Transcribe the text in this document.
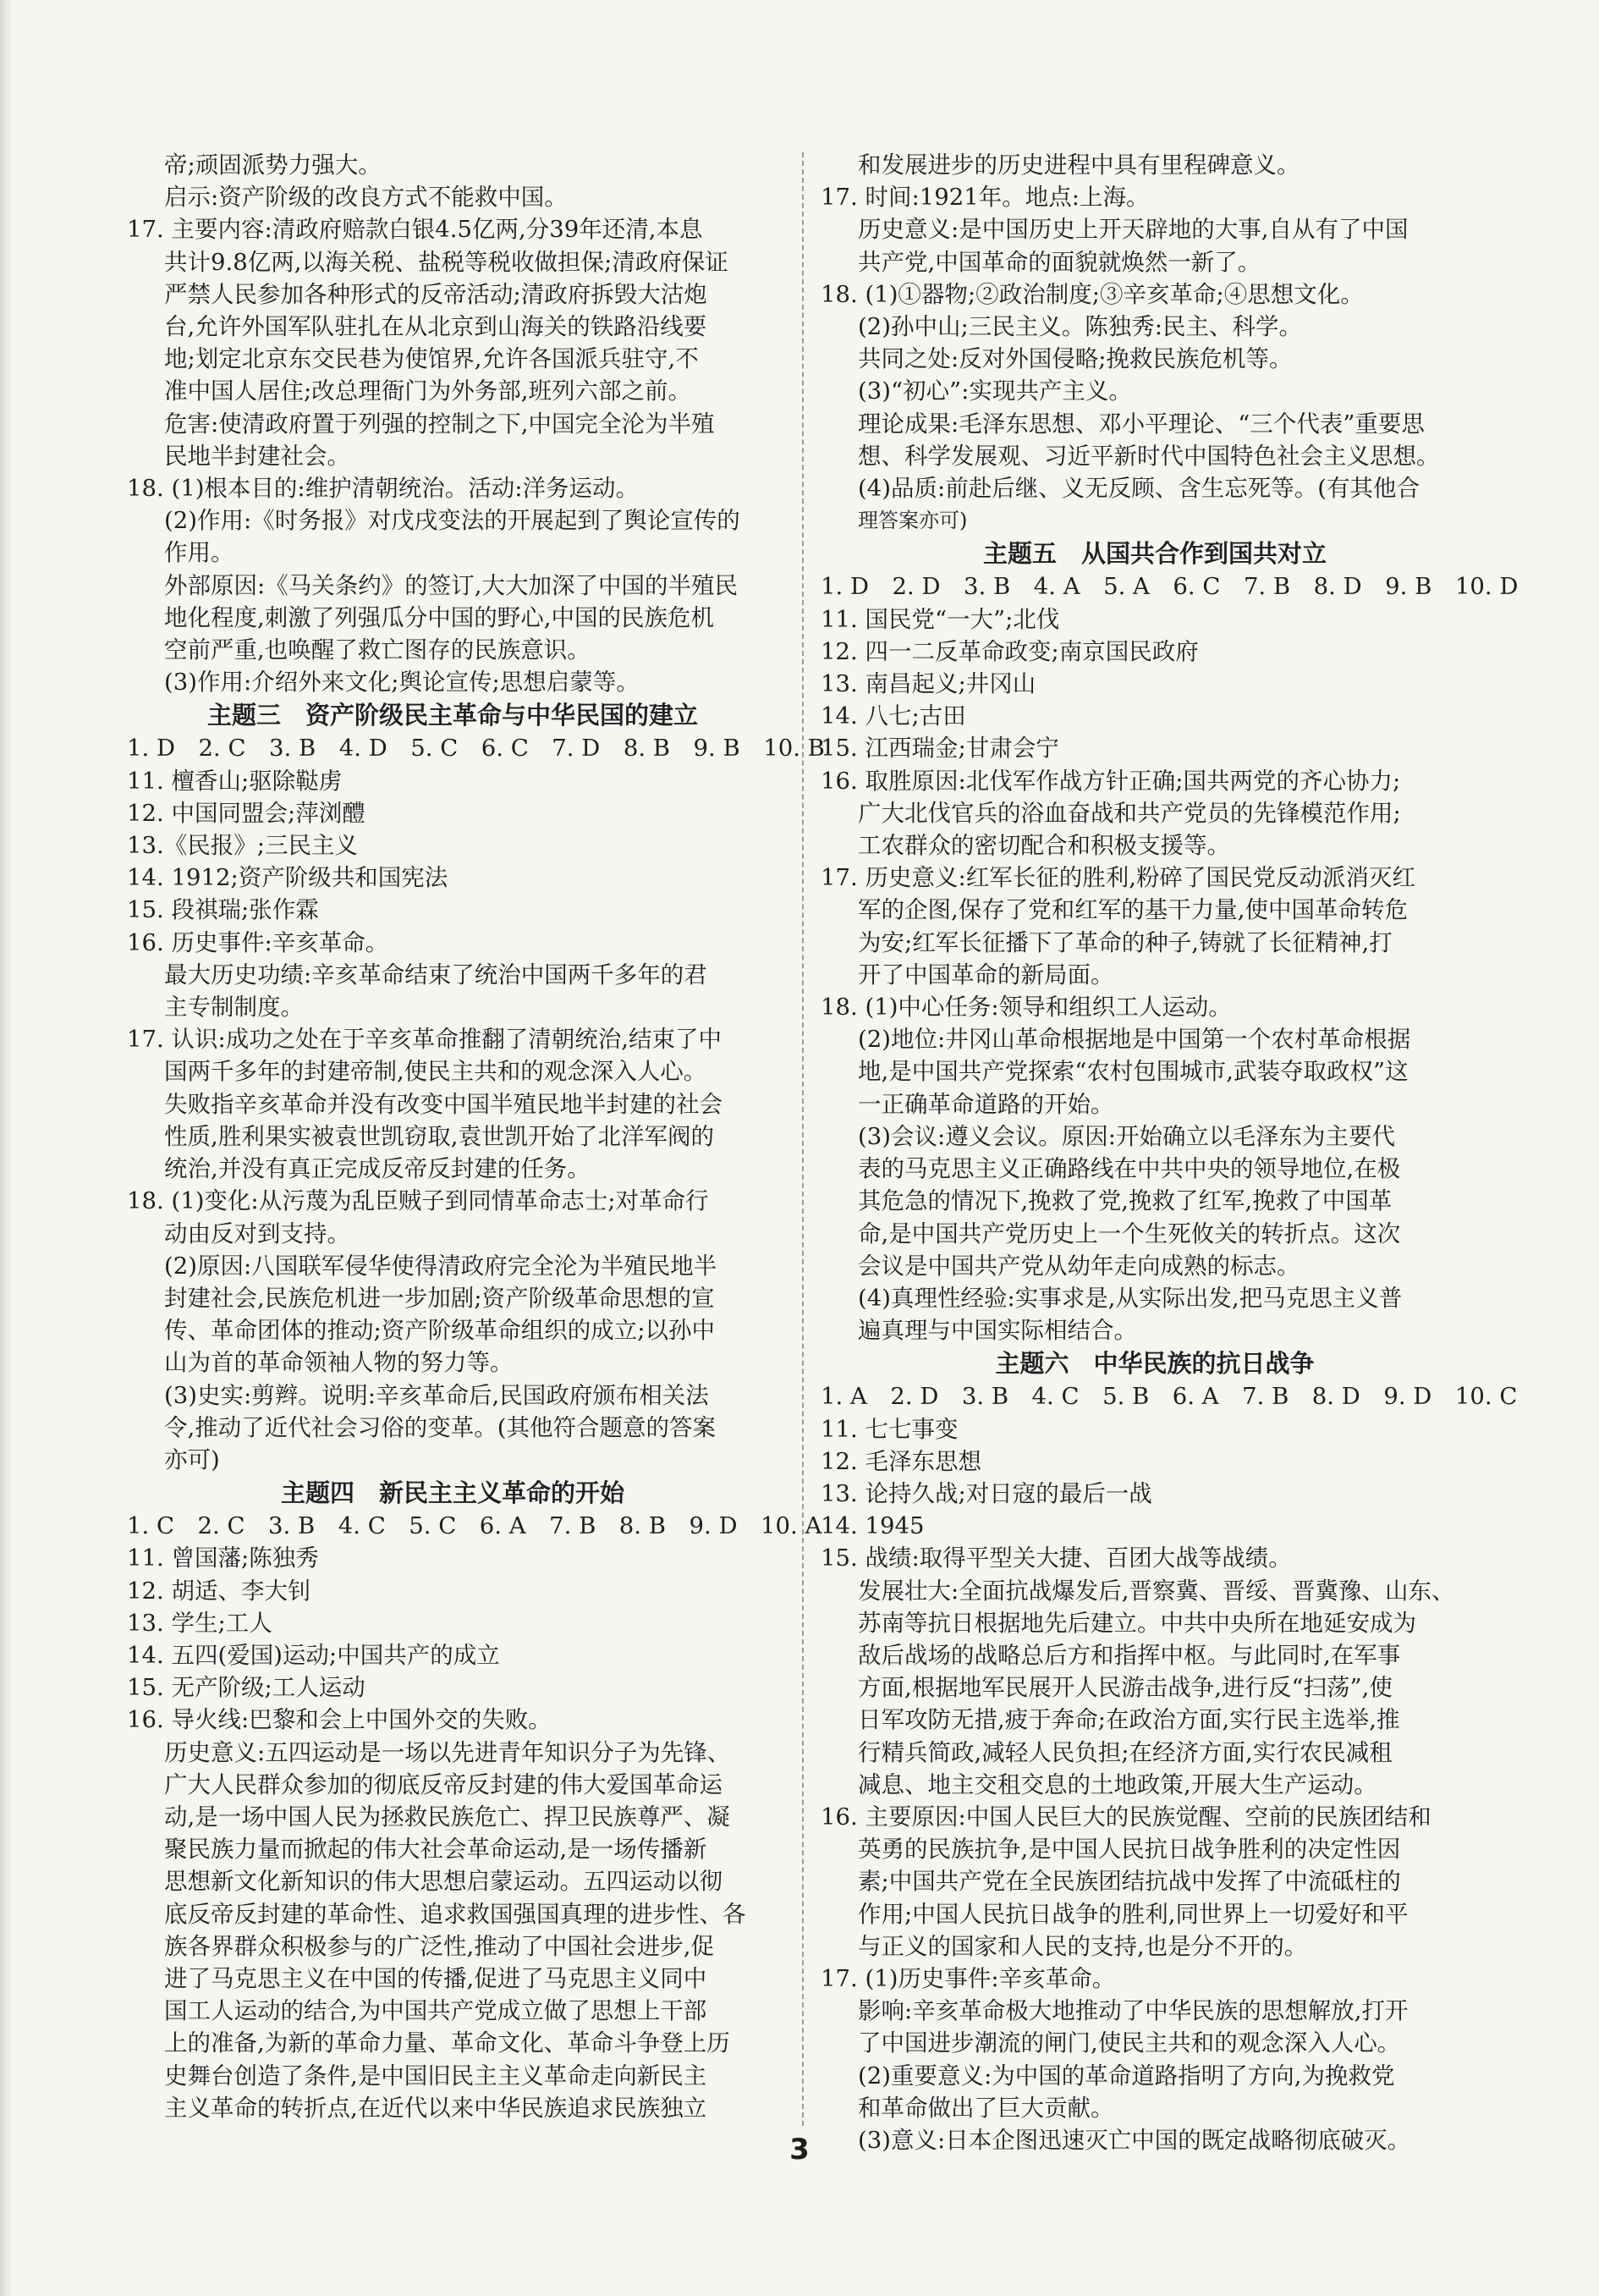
帝;顽固派势力强大。
启示:资产阶级的改良方式不能救中国。
17. 主要内容:清政府赔款白银4.5亿两,分39年还清,本息
共计9.8亿两,以海关税、盐税等税收做担保;清政府保证
严禁人民参加各种形式的反帝活动;清政府拆毁大沽炮
台,允许外国军队驻扎在从北京到山海关的铁路沿线要
地;划定北京东交民巷为使馆界,允许各国派兵驻守,不
准中国人居住;改总理衙门为外务部,班列六部之前。
危害:使清政府置于列强的控制之下,中国完全沦为半殖
民地半封建社会。
18. (1)根本目的:维护清朝统治。活动:洋务运动。
(2)作用:《时务报》对戊戌变法的开展起到了舆论宣传的
作用。
外部原因:《马关条约》的签订,大大加深了中国的半殖民
地化程度,刺激了列强瓜分中国的野心,中国的民族危机
空前严重,也唤醒了救亡图存的民族意识。
(3)作用:介绍外来文化;舆论宣传;思想启蒙等。
主题三　资产阶级民主革命与中华民国的建立
1. D　2. C　3. B　4. D　5. C　6. C　7. D　8. B　9. B　10. B
11. 檀香山;驱除鞑虏
12. 中国同盟会;萍浏醴
13.《民报》;三民主义
14. 1912;资产阶级共和国宪法
15. 段祺瑞;张作霖
16. 历史事件:辛亥革命。
最大历史功绩:辛亥革命结束了统治中国两千多年的君
主专制制度。
17. 认识:成功之处在于辛亥革命推翻了清朝统治,结束了中
国两千多年的封建帝制,使民主共和的观念深入人心。
失败指辛亥革命并没有改变中国半殖民地半封建的社会
性质,胜利果实被袁世凯窃取,袁世凯开始了北洋军阀的
统治,并没有真正完成反帝反封建的任务。
18. (1)变化:从污蔑为乱臣贼子到同情革命志士;对革命行
动由反对到支持。
(2)原因:八国联军侵华使得清政府完全沦为半殖民地半
封建社会,民族危机进一步加剧;资产阶级革命思想的宣
传、革命团体的推动;资产阶级革命组织的成立;以孙中
山为首的革命领袖人物的努力等。
(3)史实:剪辫。说明:辛亥革命后,民国政府颁布相关法
令,推动了近代社会习俗的变革。(其他符合题意的答案
亦可)
主题四　新民主主义革命的开始
1. C　2. C　3. B　4. C　5. C　6. A　7. B　8. B　9. D　10. A
11. 曾国藩;陈独秀
12. 胡适、李大钊
13. 学生;工人
14. 五四(爱国)运动;中国共产的成立
15. 无产阶级;工人运动
16. 导火线:巴黎和会上中国外交的失败。
历史意义:五四运动是一场以先进青年知识分子为先锋、
广大人民群众参加的彻底反帝反封建的伟大爱国革命运
动,是一场中国人民为拯救民族危亡、捍卫民族尊严、凝
聚民族力量而掀起的伟大社会革命运动,是一场传播新
思想新文化新知识的伟大思想启蒙运动。五四运动以彻
底反帝反封建的革命性、追求救国强国真理的进步性、各
族各界群众积极参与的广泛性,推动了中国社会进步,促
进了马克思主义在中国的传播,促进了马克思主义同中
国工人运动的结合,为中国共产党成立做了思想上干部
上的准备,为新的革命力量、革命文化、革命斗争登上历
史舞台创造了条件,是中国旧民主主义革命走向新民主
主义革命的转折点,在近代以来中华民族追求民族独立
和发展进步的历史进程中具有里程碑意义。
17. 时间:1921年。地点:上海。
历史意义:是中国历史上开天辟地的大事,自从有了中国
共产党,中国革命的面貌就焕然一新了。
18. (1)①器物;②政治制度;③辛亥革命;④思想文化。
(2)孙中山;三民主义。陈独秀:民主、科学。
共同之处:反对外国侵略;挽救民族危机等。
(3)“初心”:实现共产主义。
理论成果:毛泽东思想、邓小平理论、“三个代表”重要思
想、科学发展观、习近平新时代中国特色社会主义思想。
(4)品质:前赴后继、义无反顾、含生忘死等。(有其他合
理答案亦可)
主题五　从国共合作到国共对立
1. D　2. D　3. B　4. A　5. A　6. C　7. B　8. D　9. B　10. D
11. 国民党“一大”;北伐
12. 四一二反革命政变;南京国民政府
13. 南昌起义;井冈山
14. 八七;古田
15. 江西瑞金;甘肃会宁
16. 取胜原因:北伐军作战方针正确;国共两党的齐心协力;
广大北伐官兵的浴血奋战和共产党员的先锋模范作用;
工农群众的密切配合和积极支援等。
17. 历史意义:红军长征的胜利,粉碎了国民党反动派消灭红
军的企图,保存了党和红军的基干力量,使中国革命转危
为安;红军长征播下了革命的种子,铸就了长征精神,打
开了中国革命的新局面。
18. (1)中心任务:领导和组织工人运动。
(2)地位:井冈山革命根据地是中国第一个农村革命根据
地,是中国共产党探索“农村包围城市,武装夺取政权”这
一正确革命道路的开始。
(3)会议:遵义会议。原因:开始确立以毛泽东为主要代
表的马克思主义正确路线在中共中央的领导地位,在极
其危急的情况下,挽救了党,挽救了红军,挽救了中国革
命,是中国共产党历史上一个生死攸关的转折点。这次
会议是中国共产党从幼年走向成熟的标志。
(4)真理性经验:实事求是,从实际出发,把马克思主义普
遍真理与中国实际相结合。
主题六　中华民族的抗日战争
1. A　2. D　3. B　4. C　5. B　6. A　7. B　8. D　9. D　10. C
11. 七七事变
12. 毛泽东思想
13. 论持久战;对日寇的最后一战
14. 1945
15. 战绩:取得平型关大捷、百团大战等战绩。
发展壮大:全面抗战爆发后,晋察冀、晋绥、晋冀豫、山东、
苏南等抗日根据地先后建立。中共中央所在地延安成为
敌后战场的战略总后方和指挥中枢。与此同时,在军事
方面,根据地军民展开人民游击战争,进行反“扫荡”,使
日军攻防无措,疲于奔命;在政治方面,实行民主选举,推
行精兵简政,减轻人民负担;在经济方面,实行农民减租
减息、地主交租交息的土地政策,开展大生产运动。
16. 主要原因:中国人民巨大的民族觉醒、空前的民族团结和
英勇的民族抗争,是中国人民抗日战争胜利的决定性因
素;中国共产党在全民族团结抗战中发挥了中流砥柱的
作用;中国人民抗日战争的胜利,同世界上一切爱好和平
与正义的国家和人民的支持,也是分不开的。
17. (1)历史事件:辛亥革命。
影响:辛亥革命极大地推动了中华民族的思想解放,打开
了中国进步潮流的闸门,使民主共和的观念深入人心。
(2)重要意义:为中国的革命道路指明了方向,为挽救党
和革命做出了巨大贡献。
(3)意义:日本企图迅速灭亡中国的既定战略彻底破灭。
3
